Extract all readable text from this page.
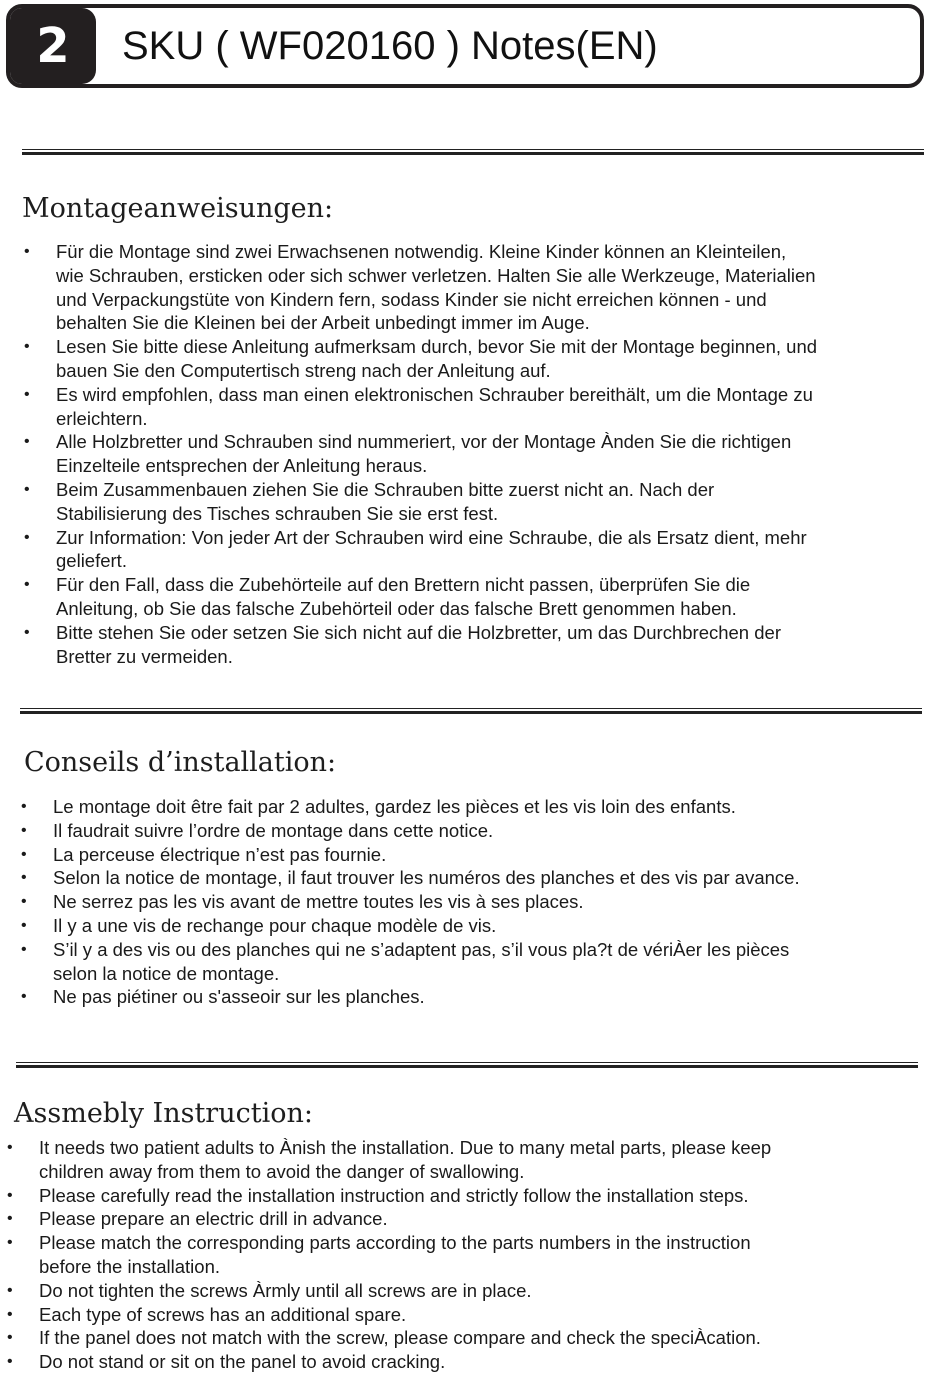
2	SKU ( WF020160 ) Notes(EN)
Montageanweisungen:
• Für die Montage sind zwei Erwachsenen notwendig. Kleine Kinder können an Kleinteilen,
wie Schrauben, ersticken oder sich schwer verletzen. Halten Sie alle Werkzeuge, Materialien
und Verpackungstüte von Kindern fern, sodass Kinder sie nicht erreichen können - und
behalten Sie die Kleinen bei der Arbeit unbedingt immer im Auge.
• Lesen Sie bitte diese Anleitung aufmerksam durch, bevor Sie mit der Montage beginnen, und
bauen Sie den Computertisch streng nach der Anleitung auf.
• Es wird empfohlen, dass man einen elektronischen Schrauber bereithält, um die Montage zu
erleichtern.
• Alle Holzbretter und Schrauben sind nummeriert, vor der Montage Ànden Sie die richtigen
Einzelteile entsprechen der Anleitung heraus.
• Beim Zusammenbauen ziehen Sie die Schrauben bitte zuerst nicht an. Nach der
Stabilisierung des Tisches schrauben Sie sie erst fest.
• Zur Information: Von jeder Art der Schrauben wird eine Schraube, die als Ersatz dient, mehr
geliefert.
• Für den Fall, dass die Zubehörteile auf den Brettern nicht passen, überprüfen Sie die
Anleitung, ob Sie das falsche Zubehörteil oder das falsche Brett genommen haben.
• Bitte stehen Sie oder setzen Sie sich nicht auf die Holzbretter, um das Durchbrechen der
Bretter zu vermeiden.
Conseils d’installation:
• Le montage doit être fait par 2 adultes, gardez les pièces et les vis loin des enfants.
• Il faudrait suivre l’ordre de montage dans cette notice.
• La perceuse électrique n’est pas fournie.
• Selon la notice de montage, il faut trouver les numéros des planches et des vis par avance.
• Ne serrez pas les vis avant de mettre toutes les vis à ses places.
• Il y a une vis de rechange pour chaque modèle de vis.
• S’il y a des vis ou des planches qui ne s’adaptent pas, s’il vous pla?t de vériÀer les pièces
selon la notice de montage.
• Ne pas piétiner ou s'asseoir sur les planches.
Assmebly Instruction:
• It needs two patient adults to Ànish the installation. Due to many metal parts, please keep
children away from them to avoid the danger of swallowing.
• Please carefully read the installation instruction and strictly follow the installation steps.
• Please prepare an electric drill in advance.
• Please match the corresponding parts according to the parts numbers in the instruction
before the installation.
• Do not tighten the screws Àrmly until all screws are in place.
• Each type of screws has an additional spare.
• If the panel does not match with the screw, please compare and check the speciÀcation.
• Do not stand or sit on the panel to avoid cracking.
